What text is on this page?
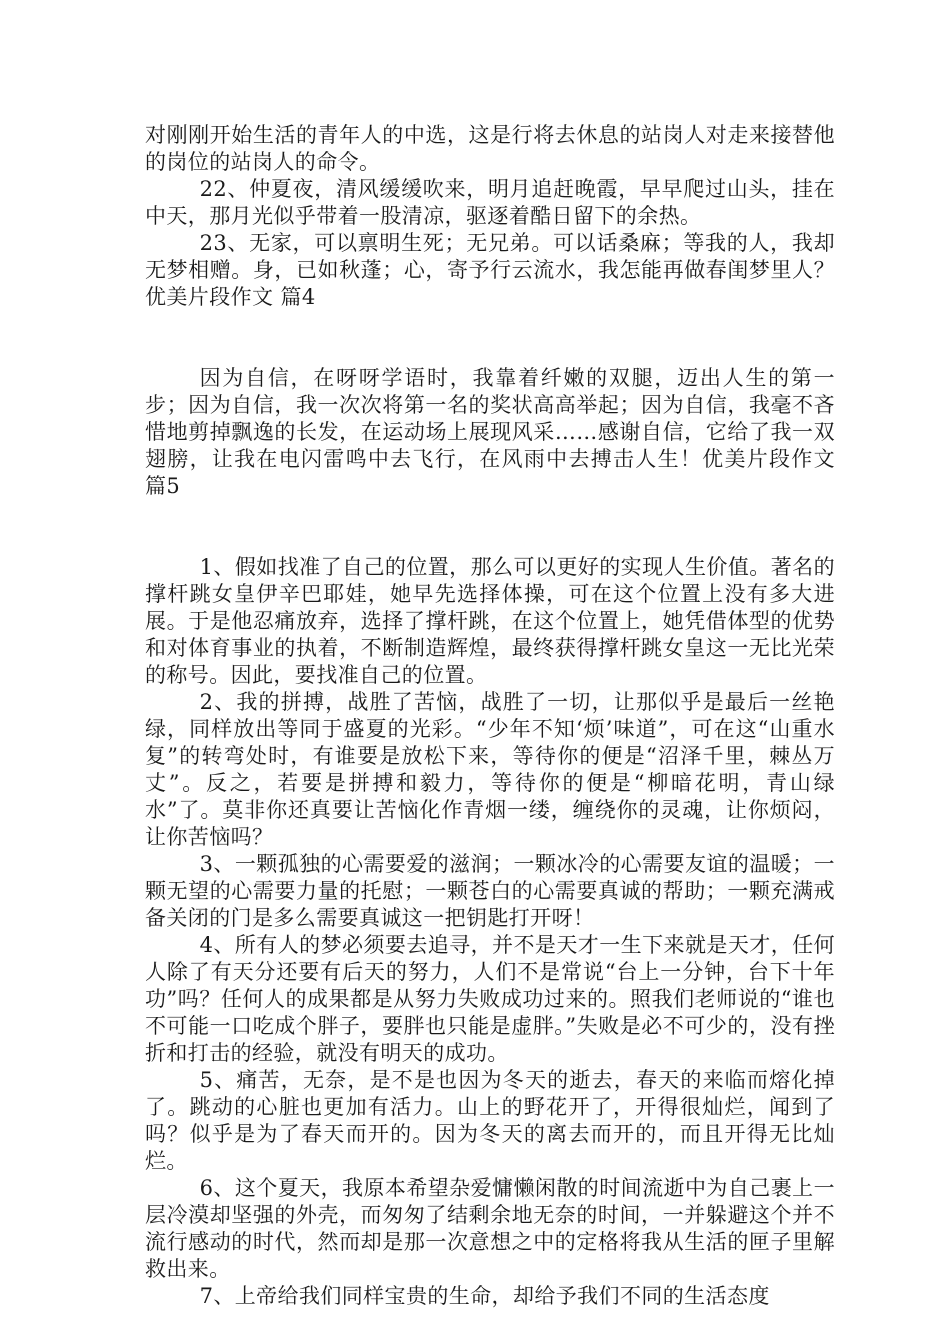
对刚刚开始生活的青年人的中选，这是行将去休息的站岗人对走来接替他的岗位的站岗人的命令。

22、仲夏夜，清风缓缓吹来，明月追赶晚霞，早早爬过山头，挂在中天，那月光似乎带着一股清凉，驱逐着酷日留下的余热。

23、无家，可以禀明生死；无兄弟。可以话桑麻；等我的人，我却无梦相赠。身，已如秋蓬；心，寄予行云流水，我怎能再做春闺梦里人？优美片段作文 篇4

因为自信，在呀呀学语时，我靠着纤嫩的双腿，迈出人生的第一步；因为自信，我一次次将第一名的奖状高高举起；因为自信，我毫不吝惜地剪掉飘逸的长发，在运动场上展现风采……感谢自信，它给了我一双翅膀，让我在电闪雷鸣中去飞行，在风雨中去搏击人生！优美片段作文 篇5

1、假如找准了自己的位置，那么可以更好的实现人生价值。著名的撑杆跳女皇伊辛巴耶娃，她早先选择体操，可在这个位置上没有多大进展。于是他忍痛放弃，选择了撑杆跳，在这个位置上，她凭借体型的优势和对体育事业的执着，不断制造辉煌，最终获得撑杆跳女皇这一无比光荣的称号。因此，要找准自己的位置。

2、我的拼搏，战胜了苦恼，战胜了一切，让那似乎是最后一丝艳绿，同样放出等同于盛夏的光彩。“少年不知‘烦’味道”，可在这“山重水复”的转弯处时，有谁要是放松下来，等待你的便是“沼泽千里，棘丛万丈”。反之，若要是拼搏和毅力，等待你的便是“柳暗花明，青山绿水”了。莫非你还真要让苦恼化作青烟一缕，缠绕你的灵魂，让你烦闷，让你苦恼吗？

3、一颗孤独的心需要爱的滋润；一颗冰冷的心需要友谊的温暖；一颗无望的心需要力量的托慰；一颗苍白的心需要真诚的帮助；一颗充满戒备关闭的门是多么需要真诚这一把钥匙打开呀！

4、所有人的梦必须要去追寻，并不是天才一生下来就是天才，任何人除了有天分还要有后天的努力，人们不是常说“台上一分钟，台下十年功”吗？任何人的成果都是从努力失败成功过来的。照我们老师说的“谁也不可能一口吃成个胖子，要胖也只能是虚胖。”失败是必不可少的，没有挫折和打击的经验，就没有明天的成功。

5、痛苦，无奈，是不是也因为冬天的逝去，春天的来临而熔化掉了。跳动的心脏也更加有活力。山上的野花开了，开得很灿烂，闻到了吗？似乎是为了春天而开的。因为冬天的离去而开的，而且开得无比灿烂。

6、这个夏天，我原本希望杂爱慵懒闲散的时间流逝中为自己裹上一层冷漠却坚强的外壳，而匆匆了结剩余地无奈的时间，一并躲避这个并不流行感动的时代，然而却是那一次意想之中的定格将我从生活的匣子里解救出来。

7、上帝给我们同样宝贵的生命，却给予我们不同的生活态度
